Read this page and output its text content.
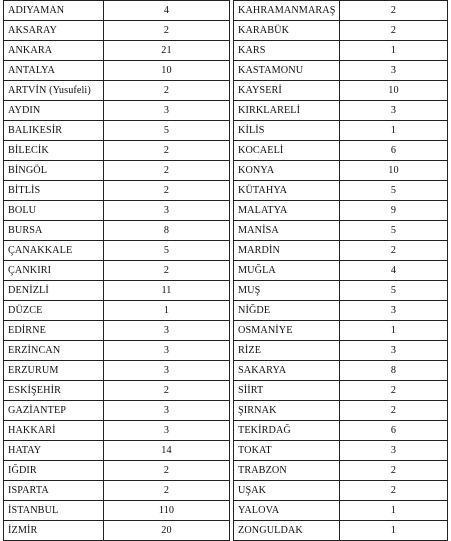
ADIYAMAN	4
AKSARAY	2
ANKARA	21
ANTALYA	10
ARTVİN (Yusufeli)	2
AYDIN	3
BALIKESİR	5
BİLECİK	2
BİNGÖL	2
BİTLİS	2
BOLU	3
BURSA	8
ÇANAKKALE	5
ÇANKIRI	2
DENİZLİ	11
DÜZCE	1
EDİRNE	3
ERZİNCAN	3
ERZURUM	3
ESKİŞEHİR	2
GAZİANTEP	3
HAKKARİ	3
HATAY	14
IĞDIR	2
ISPARTA	2
İSTANBUL	110
İZMİR	20
KAHRAMANMARAŞ	2
KARABÜK	2
KARS	1
KASTAMONU	3
KAYSERİ	10
KIRKLARELİ	3
KİLİS	1
KOCAELİ	6
KONYA	10
KÜTAHYA	5
MALATYA	9
MANİSA	5
MARDİN	2
MUĞLA	4
MUŞ	5
NİĞDE	3
OSMANİYE	1
RİZE	3
SAKARYA	8
SİİRT	2
ŞIRNAK	2
TEKİRDAĞ	6
TOKAT	3
TRABZON	2
UŞAK	2
YALOVA	1
ZONGULDAK	1
